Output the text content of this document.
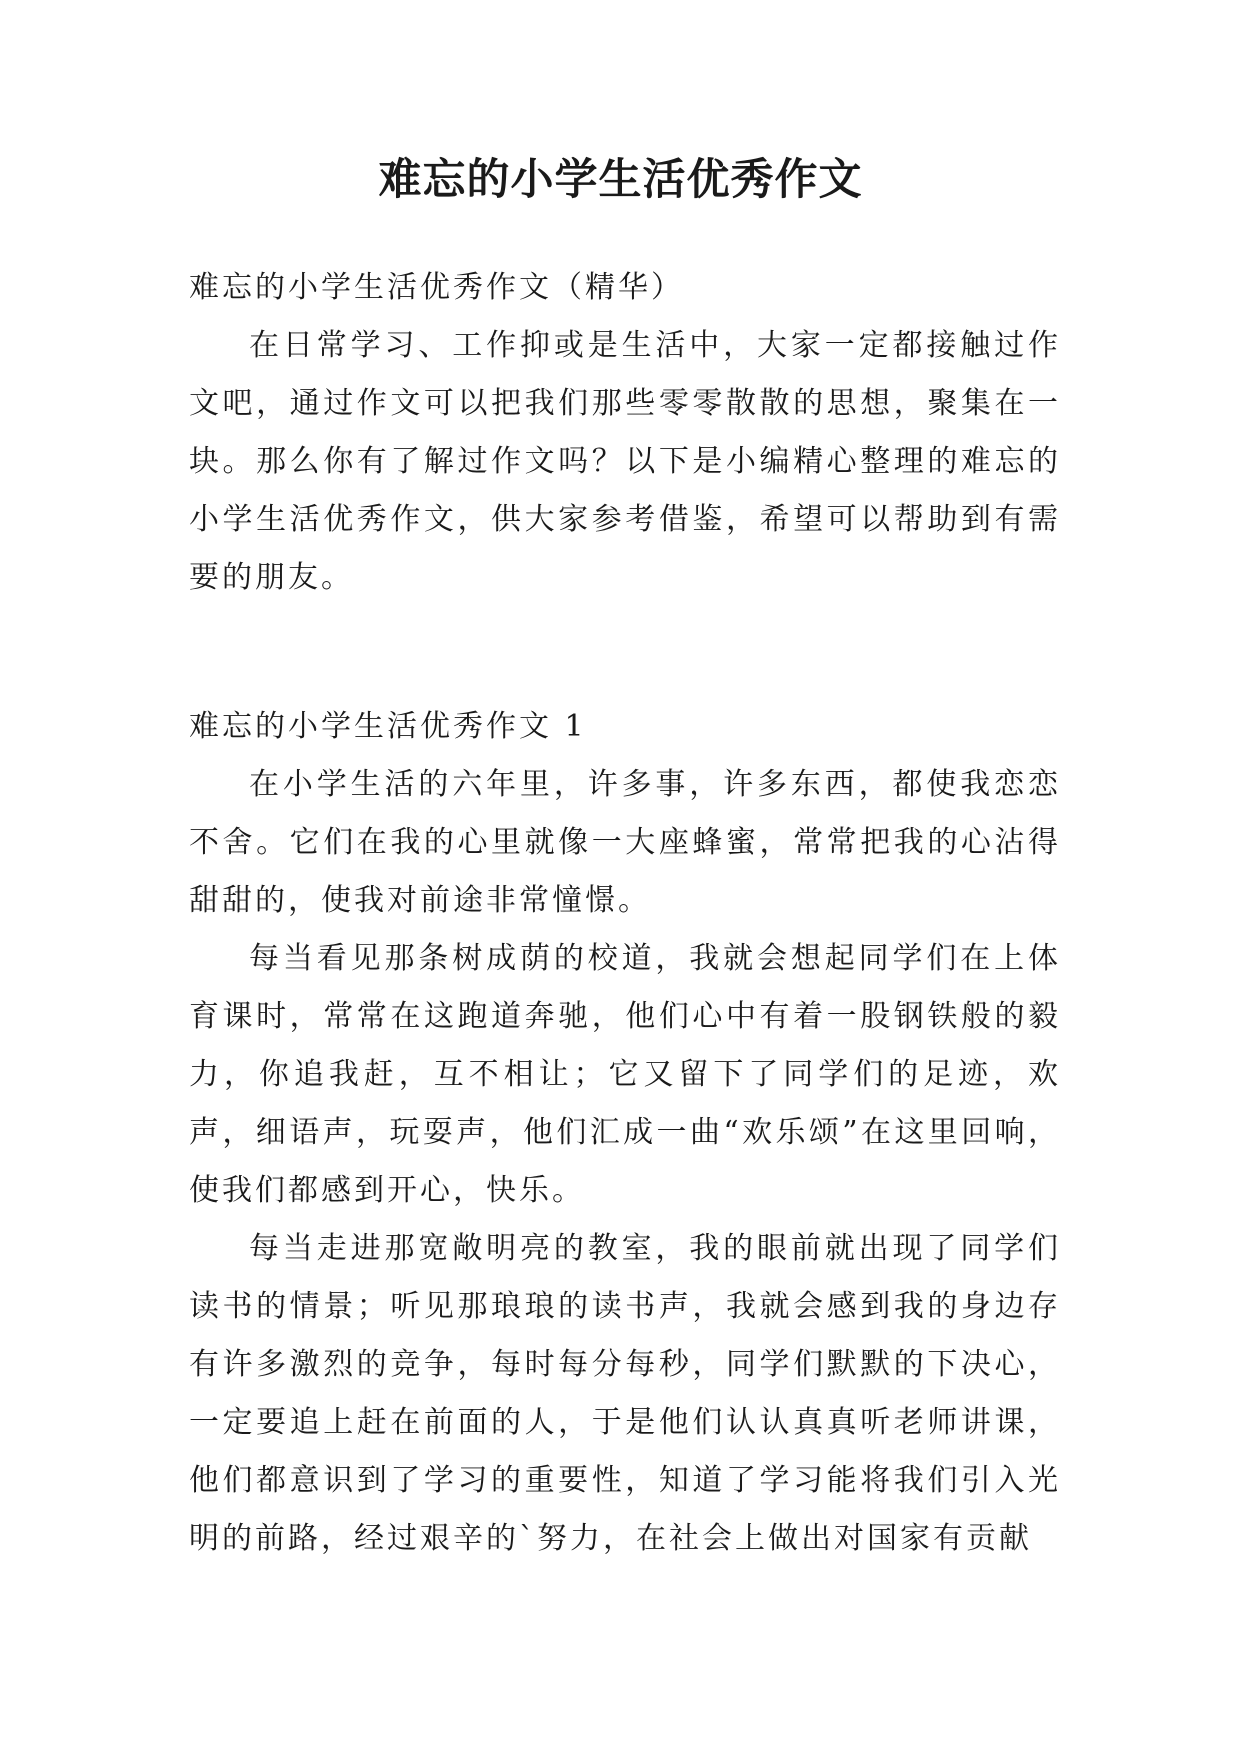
难忘的小学生活优秀作文

难忘的小学生活优秀作文（精华）

在日常学习、工作抑或是生活中，大家一定都接触过作文吧，通过作文可以把我们那些零零散散的思想，聚集在一块。那么你有了解过作文吗？以下是小编精心整理的难忘的小学生活优秀作文，供大家参考借鉴，希望可以帮助到有需要的朋友。

难忘的小学生活优秀作文 1

在小学生活的六年里，许多事，许多东西，都使我恋恋不舍。它们在我的心里就像一大座蜂蜜，常常把我的心沾得甜甜的，使我对前途非常憧憬。

每当看见那条树成荫的校道，我就会想起同学们在上体育课时，常常在这跑道奔驰，他们心中有着一股钢铁般的毅力，你追我赶，互不相让；它又留下了同学们的足迹，欢声，细语声，玩耍声，他们汇成一曲“欢乐颂”在这里回响，使我们都感到开心，快乐。

每当走进那宽敞明亮的教室，我的眼前就出现了同学们读书的情景；听见那琅琅的读书声，我就会感到我的身边存有许多激烈的竞争，每时每分每秒，同学们默默的下决心，一定要追上赶在前面的人，于是他们认认真真听老师讲课，他们都意识到了学习的重要性，知道了学习能将我们引入光明的前路，经过艰辛的`努力，在社会上做出对国家有贡献
